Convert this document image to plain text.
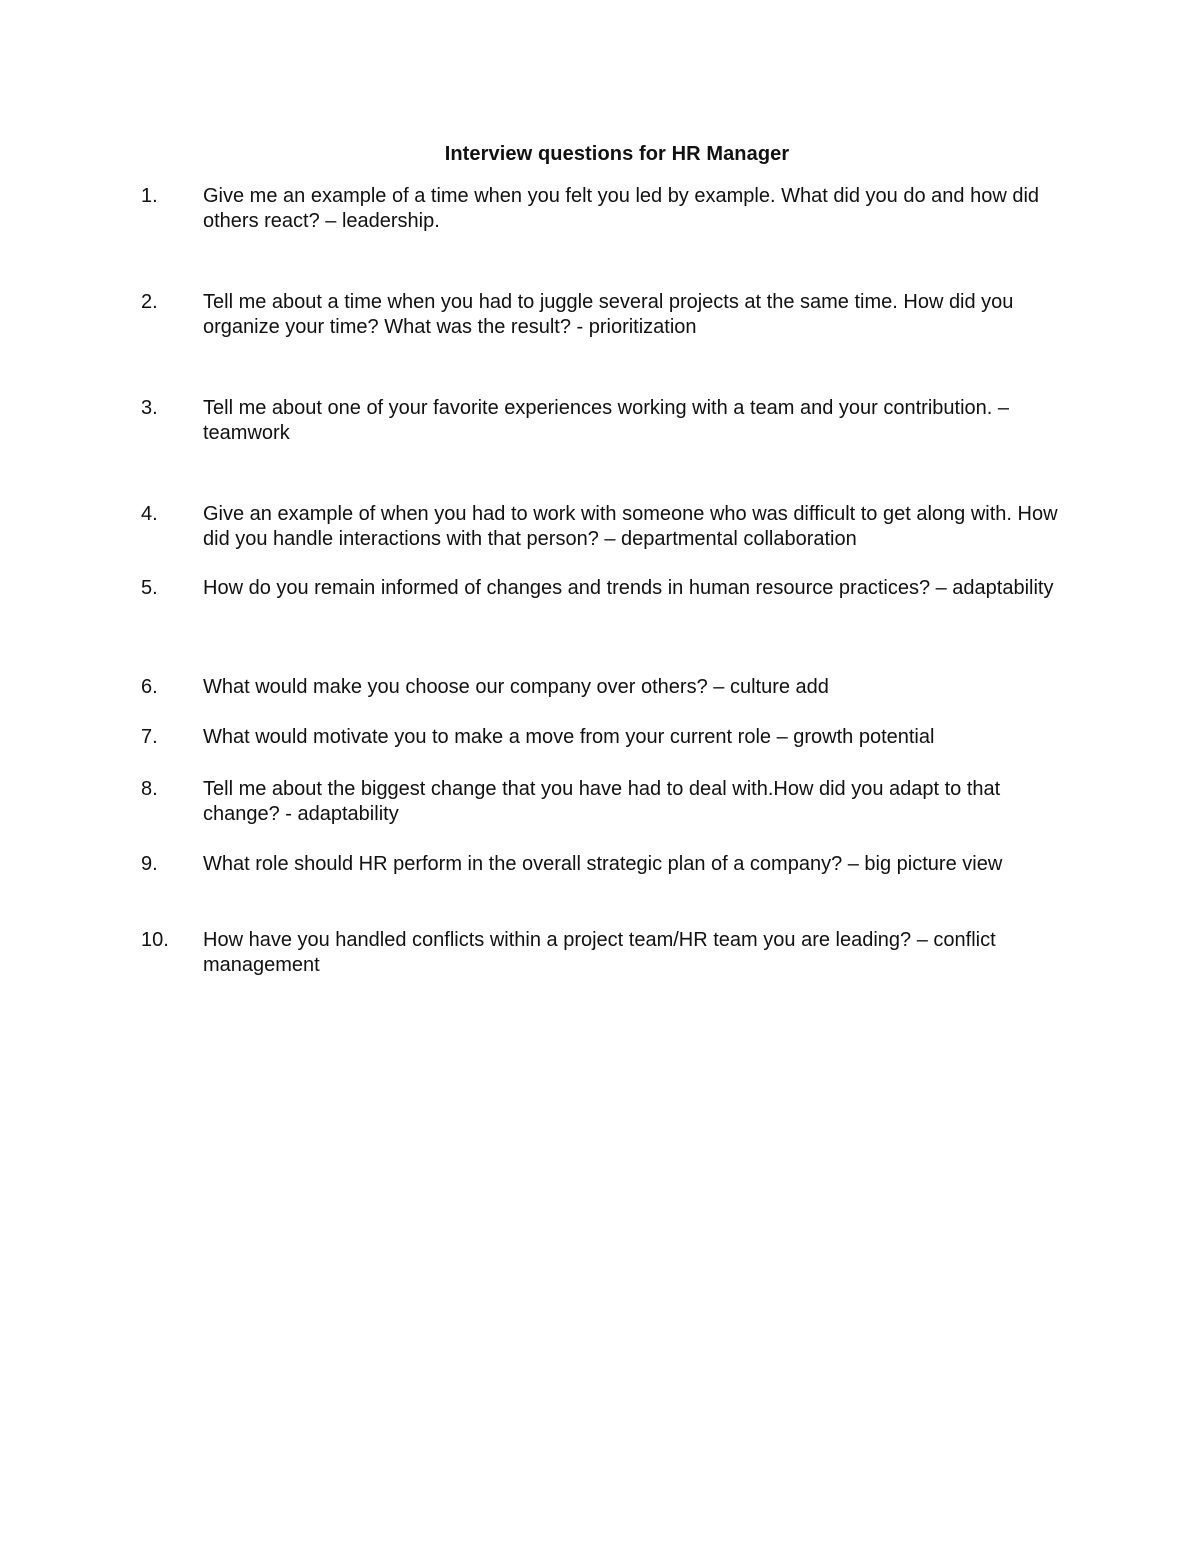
Interview questions for HR Manager
1.	Give me an example of a time when you felt you led by example. What did you do and how did others react? – leadership.
2.	Tell me about a time when you had to juggle several projects at the same time. How did you organize your time? What was the result? - prioritization
3.	Tell me about one of your favorite experiences working with a team and your contribution. – teamwork
4.	Give an example of when you had to work with someone who was difficult to get along with. How did you handle interactions with that person? – departmental collaboration
5.	How do you remain informed of changes and trends in human resource practices? – adaptability
6.	What would make you choose our company over others? – culture add
7.	What would motivate you to make a move from your current role – growth potential
8.	Tell me about the biggest change that you have had to deal with.How did you adapt to that change? - adaptability
9.	What role should HR perform in the overall strategic plan of a company? – big picture view
10.	How have you handled conflicts within a project team/HR team you are leading? – conflict management
